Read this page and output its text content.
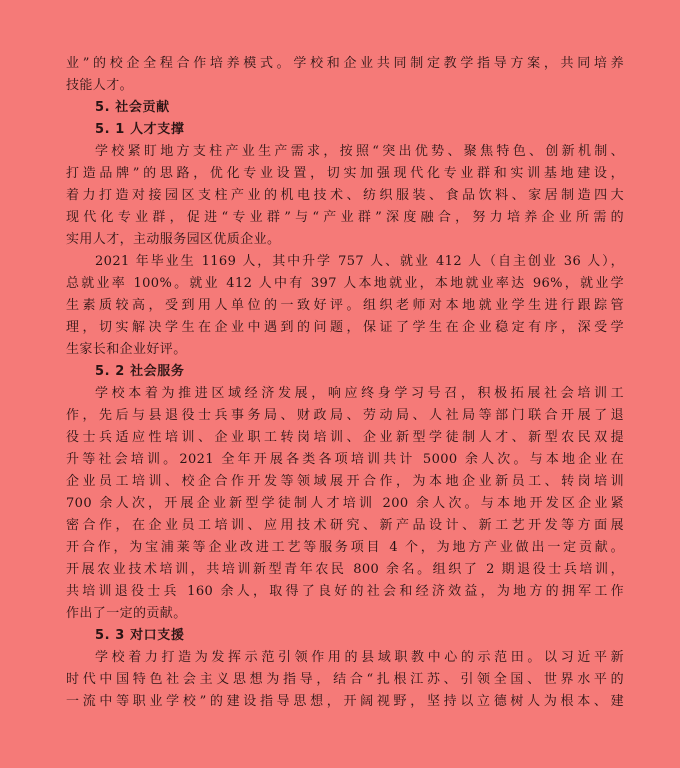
业”的校企全程合作培养模式。学校和企业共同制定教学指导方案，共同培养
技能人才。
5. 社会贡献
5. 1 人才支撑
学校紧盯地方支柱产业生产需求，按照“突出优势、聚焦特色、创新机制、
打造品牌”的思路，优化专业设置，切实加强现代化专业群和实训基地建设，
着力打造对接园区支柱产业的机电技术、纺织服装、食品饮料、家居制造四大
现代化专业群，促进“专业群”与“产业群”深度融合，努力培养企业所需的
实用人才，主动服务园区优质企业。
2021 年毕业生 1169 人，其中升学 757 人、就业 412 人（自主创业 36 人），
总就业率 100%。就业 412 人中有 397 人本地就业，本地就业率达 96%，就业学
生素质较高，受到用人单位的一致好评。组织老师对本地就业学生进行跟踪管
理，切实解决学生在企业中遇到的问题，保证了学生在企业稳定有序，深受学
生家长和企业好评。
5. 2 社会服务
学校本着为推进区域经济发展，响应终身学习号召，积极拓展社会培训工
作，先后与县退役士兵事务局、财政局、劳动局、人社局等部门联合开展了退
役士兵适应性培训、企业职工转岗培训、企业新型学徒制人才、新型农民双提
升等社会培训。2021 全年开展各类各项培训共计 5000 余人次。与本地企业在
企业员工培训、校企合作开发等领域展开合作，为本地企业新员工、转岗培训
700 余人次，开展企业新型学徒制人才培训 200 余人次。与本地开发区企业紧
密合作，在企业员工培训、应用技术研究、新产品设计、新工艺开发等方面展
开合作，为宝浦莱等企业改进工艺等服务项目 4 个，为地方产业做出一定贡献。
开展农业技术培训，共培训新型青年农民 800 余名。组织了 2 期退役士兵培训，
共培训退役士兵 160 余人，取得了良好的社会和经济效益，为地方的拥军工作
作出了一定的贡献。
5. 3 对口支援
学校着力打造为发挥示范引领作用的县域职教中心的示范田。以习近平新
时代中国特色社会主义思想为指导，结合“扎根江苏、引领全国、世界水平的
一流中等职业学校”的建设指导思想，开阔视野，坚持以立德树人为根本、建
